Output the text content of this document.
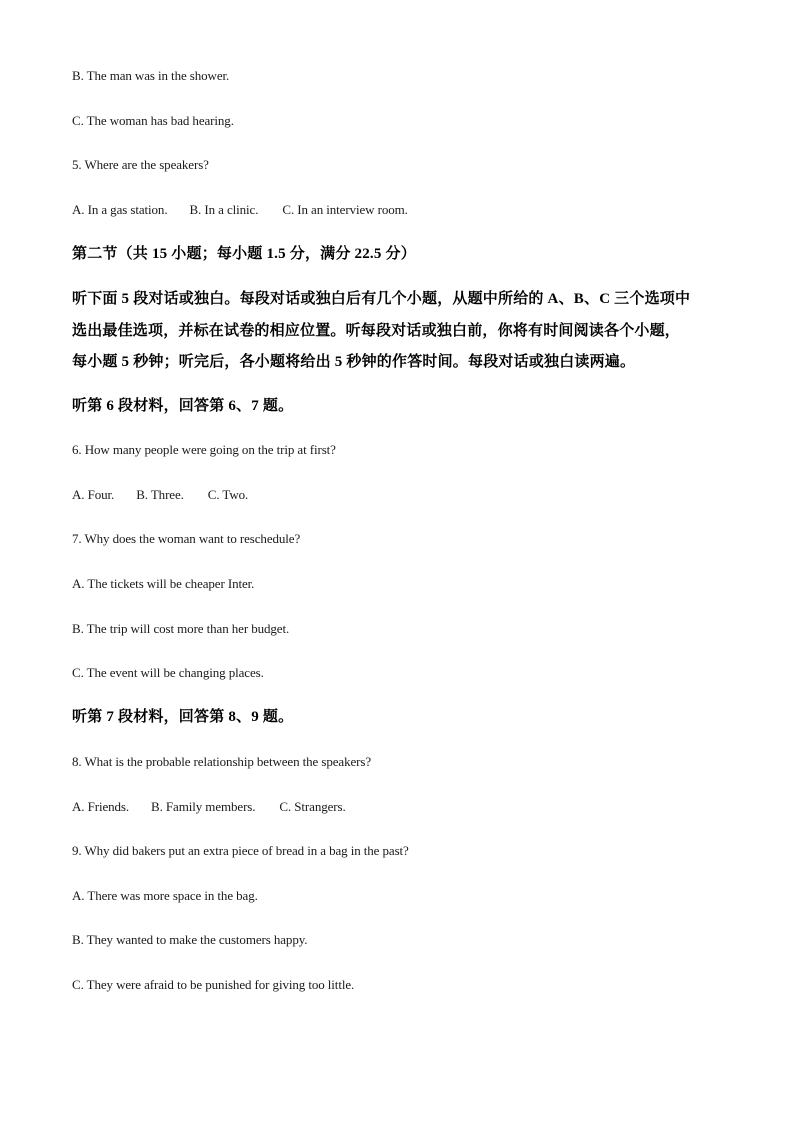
B. The man was in the shower.
C. The woman has bad hearing.
5. Where are the speakers?
A. In a gas station. B. In a clinic. C. In an interview room.
第二节（共 15 小题；每小题 1.5 分，满分 22.5 分）
听下面 5 段对话或独白。每段对话或独白后有几个小题，从题中所给的 A、B、C 三个选项中
选出最佳选项，并标在试卷的相应位置。听每段对话或独白前，你将有时间阅读各个小题，
每小题 5 秒钟；听完后，各小题将给出 5 秒钟的作答时间。每段对话或独白读两遍。
听第 6 段材料，回答第 6、7 题。
6. How many people were going on the trip at first?
A. Four. B. Three. C. Two.
7. Why does the woman want to reschedule?
A. The tickets will be cheaper Inter.
B. The trip will cost more than her budget.
C. The event will be changing places.
听第 7 段材料，回答第 8、9 题。
8. What is the probable relationship between the speakers?
A. Friends. B. Family members. C. Strangers.
9. Why did bakers put an extra piece of bread in a bag in the past?
A. There was more space in the bag.
B. They wanted to make the customers happy.
C. They were afraid to be punished for giving too little.
